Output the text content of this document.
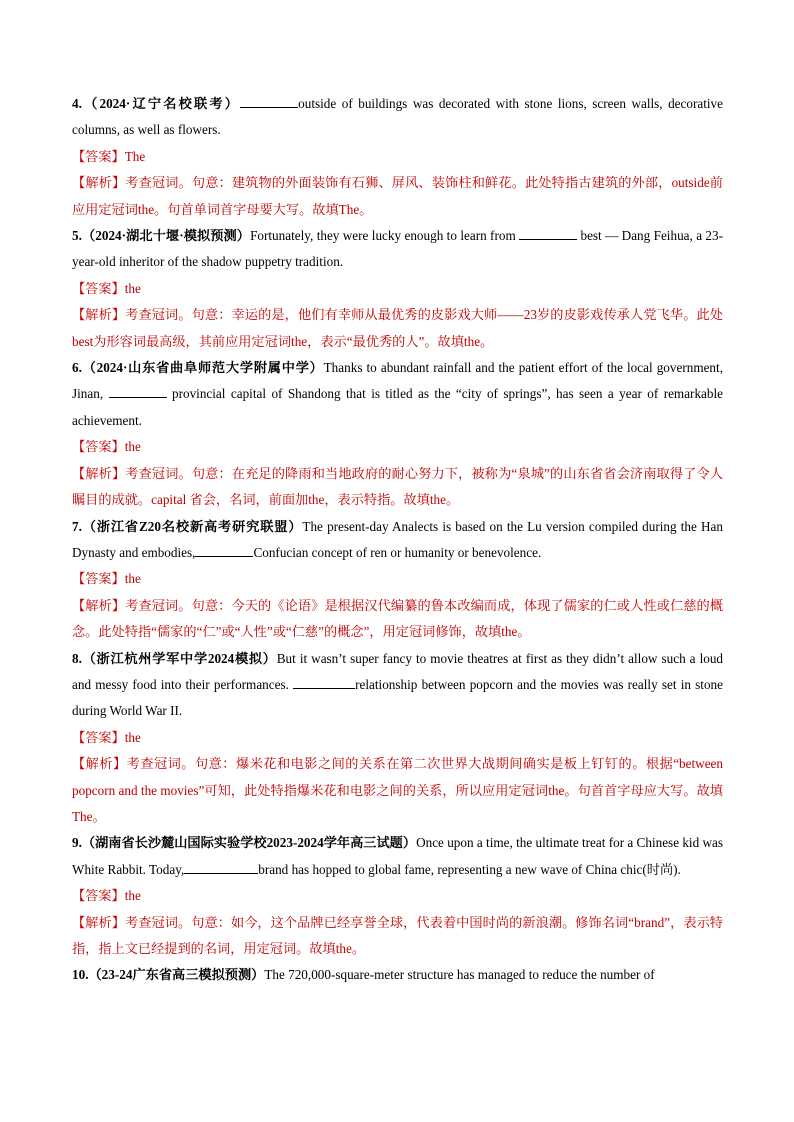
4.（2024·辽宁名校联考）	outside of buildings was decorated with stone lions, screen walls, decorative columns, as well as flowers.

【答案】The

【解析】考查冠词。句意：建筑物的外面装饰有石狮、屏风、装饰柱和鲜花。此处特指古建筑的外部，outside前应用定冠词the。句首单词首字母要大写。故填The。

5.（2024·湖北十堰·模拟预测）Fortunately, they were lucky enough to learn from	best — Dang Feihua, a 23-year-old inheritor of the shadow puppetry tradition.

【答案】the

【解析】考查冠词。句意：幸运的是，他们有幸师从最优秀的皮影戏大师——23岁的皮影戏传承人党飞华。此处best为形容词最高级，其前应用定冠词the，表示“最优秀的人”。故填the。

6.（2024·山东省曲阜师范大学附属中学）Thanks to abundant rainfall and the patient effort of the local government, Jinan,	provincial capital of Shandong that is titled as the “city of springs”, has seen a year of remarkable achievement.

【答案】the

【解析】考查冠词。句意：在充足的降雨和当地政府的耐心努力下，被称为“泉城”的山东省省会济南取得了令人瞩目的成就。capital 省会，名词，前面加the，表示特指。故填the。

7.（浙江省Z20名校新高考研究联盟）The present-day Analects is based on the Lu version compiled during the Han Dynasty and embodies,	Confucian concept of ren or humanity or benevolence.

【答案】the

【解析】考查冠词。句意：今天的《论语》是根据汉代编纂的鲁本改编而成，体现了儒家的仁或人性或仁慈的概念。此处特指“儒家的“仁”或“人性”或“仁慈”的概念”，用定冠词修饰，故填the。

8.（浙江杭州学军中学2024模拟）But it wasn’t super fancy to movie theatres at first as they didn’t allow such a loud and messy food into their performances.	relationship between popcorn and the movies was really set in stone during World War II.

【答案】the

【解析】考查冠词。句意：爆米花和电影之间的关系在第二次世界大战期间确实是板上钉钉的。根据“between popcorn and the movies”可知，此处特指爆米花和电影之间的关系，所以应用定冠词the。句首首字母应大写。故填The。

9.（湖南省长沙麓山国际实验学校2023-2024学年高三试题）Once upon a time, the ultimate treat for a Chinese kid was White Rabbit. Today,	brand has hopped to global fame, representing a new wave of China chic(时尚).

【答案】the

【解析】考查冠词。句意：如今，这个品牌已经享誉全球，代表着中国时尚的新浪潮。修饰名词“brand”，表示特指，指上文已经提到的名词，用定冠词。故填the。

10.（23-24广东省高三模拟预测）The 720,000-square-meter structure has managed to reduce the number of
